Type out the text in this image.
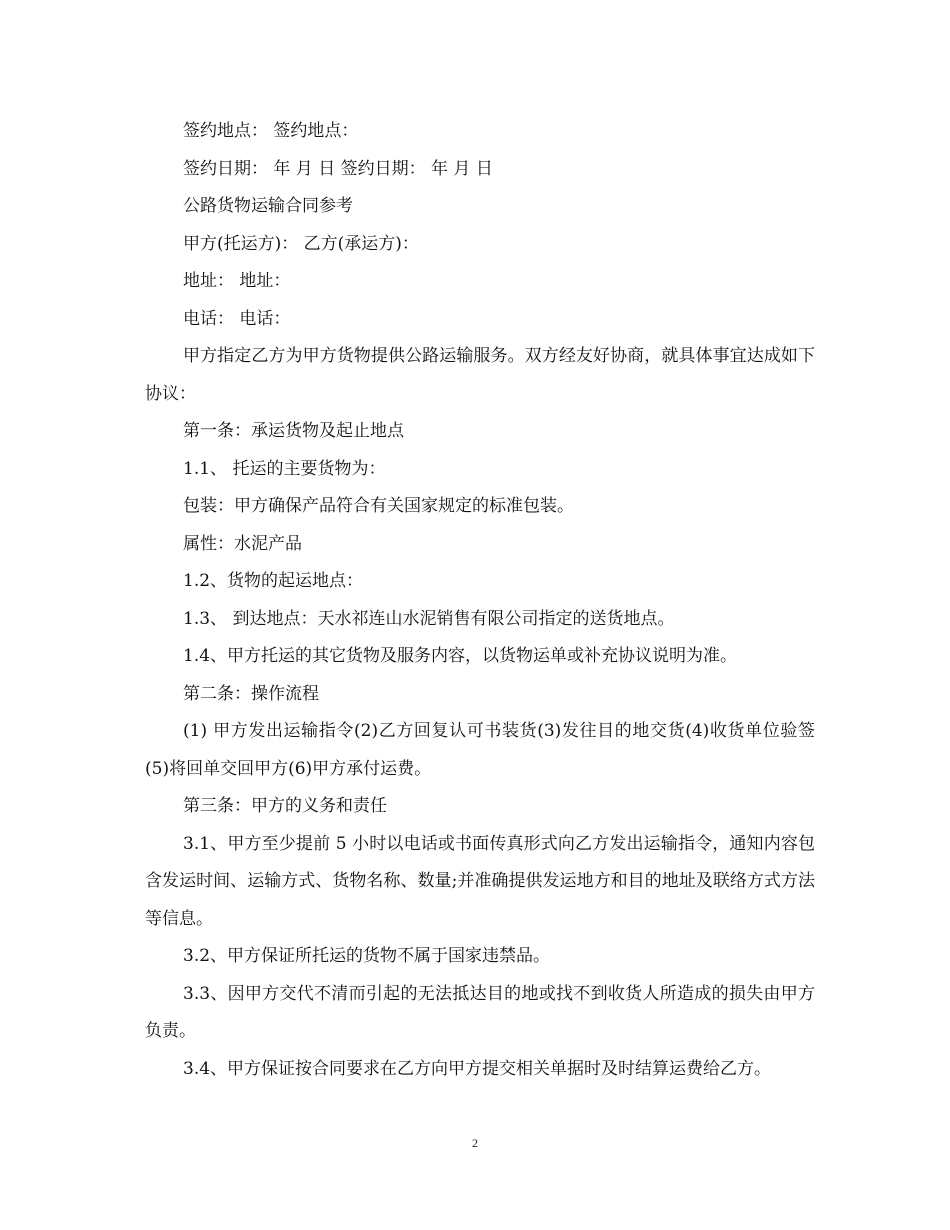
签约地点： 签约地点：

签约日期： 年 月 日 签约日期： 年 月 日

公路货物运输合同参考

甲方(托运方)： 乙方(承运方)：

地址： 地址：

电话： 电话：

甲方指定乙方为甲方货物提供公路运输服务。双方经友好协商，就具体事宜达成如下协议：

第一条：承运货物及起止地点

1.1、 托运的主要货物为：

包装：甲方确保产品符合有关国家规定的标准包装。

属性：水泥产品

1.2、货物的起运地点：

1.3、 到达地点：天水祁连山水泥销售有限公司指定的送货地点。

1.4、甲方托运的其它货物及服务内容，以货物运单或补充协议说明为准。

第二条：操作流程

(1) 甲方发出运输指令(2)乙方回复认可书装货(3)发往目的地交货(4)收货单位验签(5)将回单交回甲方(6)甲方承付运费。

第三条：甲方的义务和责任

3.1、甲方至少提前 5 小时以电话或书面传真形式向乙方发出运输指令，通知内容包含发运时间、运输方式、货物名称、数量;并准确提供发运地方和目的地址及联络方式方法等信息。

3.2、甲方保证所托运的货物不属于国家违禁品。

3.3、因甲方交代不清而引起的无法抵达目的地或找不到收货人所造成的损失由甲方负责。

3.4、甲方保证按合同要求在乙方向甲方提交相关单据时及时结算运费给乙方。

2
